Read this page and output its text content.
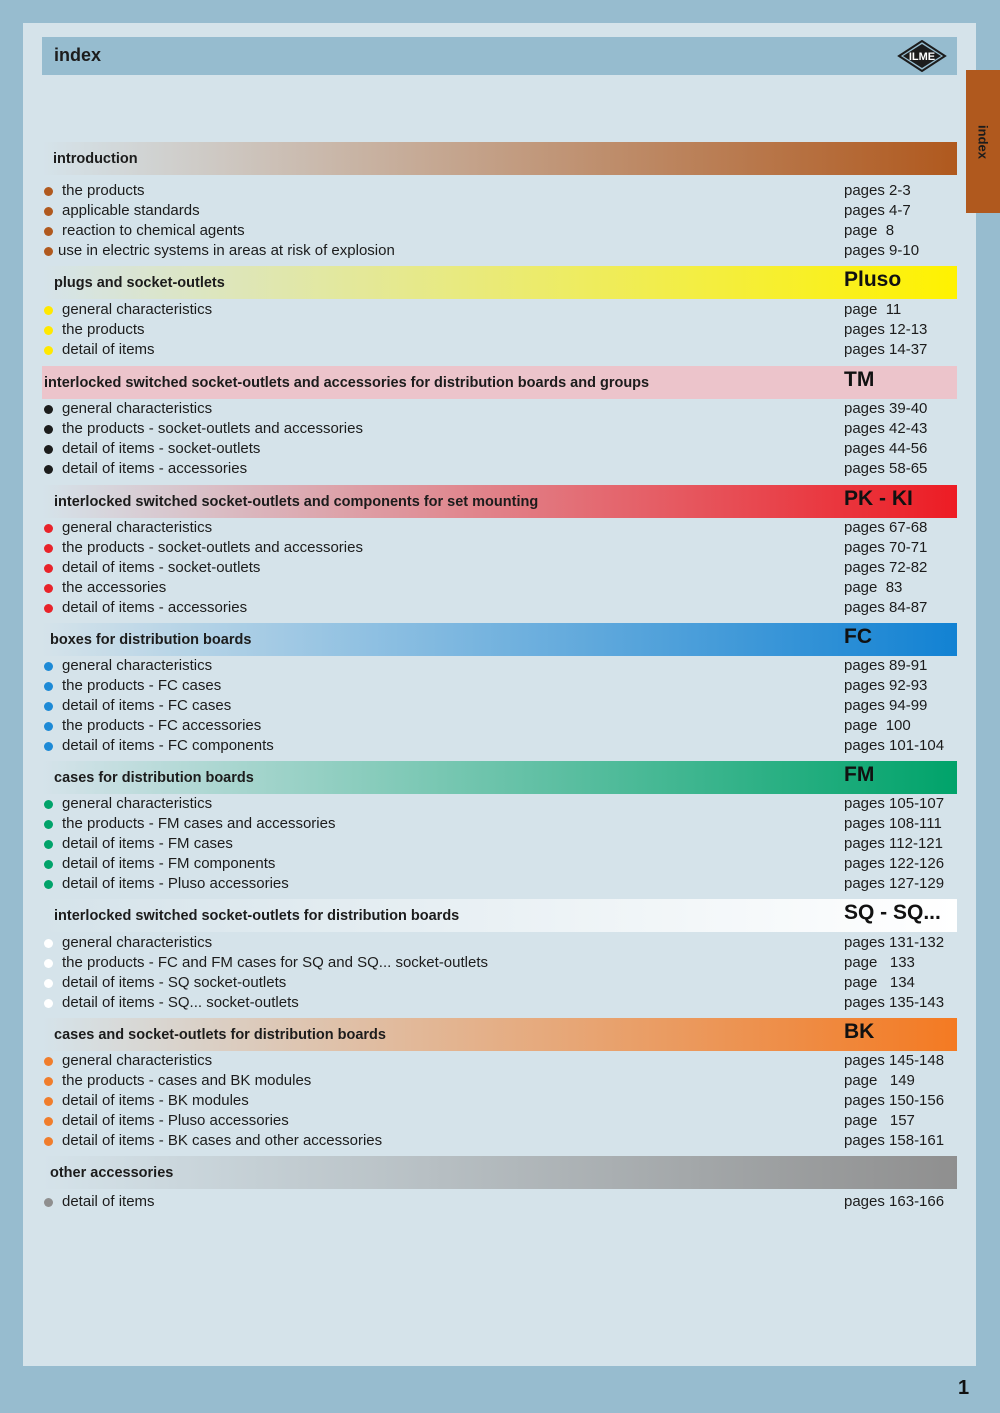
index	ILME
index
introduction
the products	pages 2-3
applicable standards	pages 4-7
reaction to chemical agents	page  8
use in electric systems in areas at risk of explosion	pages 9-10
plugs and socket-outlets	Pluso
general characteristics	page  11
the products	pages 12-13
detail of items	pages 14-37
interlocked switched socket-outlets and accessories for distribution boards and groups	TM
general characteristics	pages 39-40
the products - socket-outlets and accessories	pages 42-43
detail of items - socket-outlets	pages 44-56
detail of items - accessories	pages 58-65
interlocked switched socket-outlets and components for set mounting	PK - KI
general characteristics	pages 67-68
the products - socket-outlets and accessories	pages 70-71
detail of items - socket-outlets	pages 72-82
the accessories	page  83
detail of items - accessories	pages 84-87
boxes for distribution boards	FC
general characteristics	pages 89-91
the products - FC cases	pages 92-93
detail of items - FC cases	pages 94-99
the products - FC accessories	page  100
detail of items - FC components	pages 101-104
cases for distribution boards	FM
general characteristics	pages 105-107
the products - FM cases and accessories	pages 108-111
detail of items - FM cases	pages 112-121
detail of items - FM components	pages 122-126
detail of items - Pluso accessories	pages 127-129
interlocked switched socket-outlets for distribution boards	SQ - SQ...
general characteristics	pages 131-132
the products - FC and FM cases for SQ and SQ... socket-outlets	page   133
detail of items - SQ socket-outlets	page   134
detail of items - SQ... socket-outlets	pages 135-143
cases and socket-outlets for distribution boards	BK
general characteristics	pages 145-148
the products - cases and BK modules	page   149
detail of items - BK modules	pages 150-156
detail of items - Pluso accessories	page   157
detail of items - BK cases and other accessories	pages 158-161
other accessories
detail of items	pages 163-166
1
